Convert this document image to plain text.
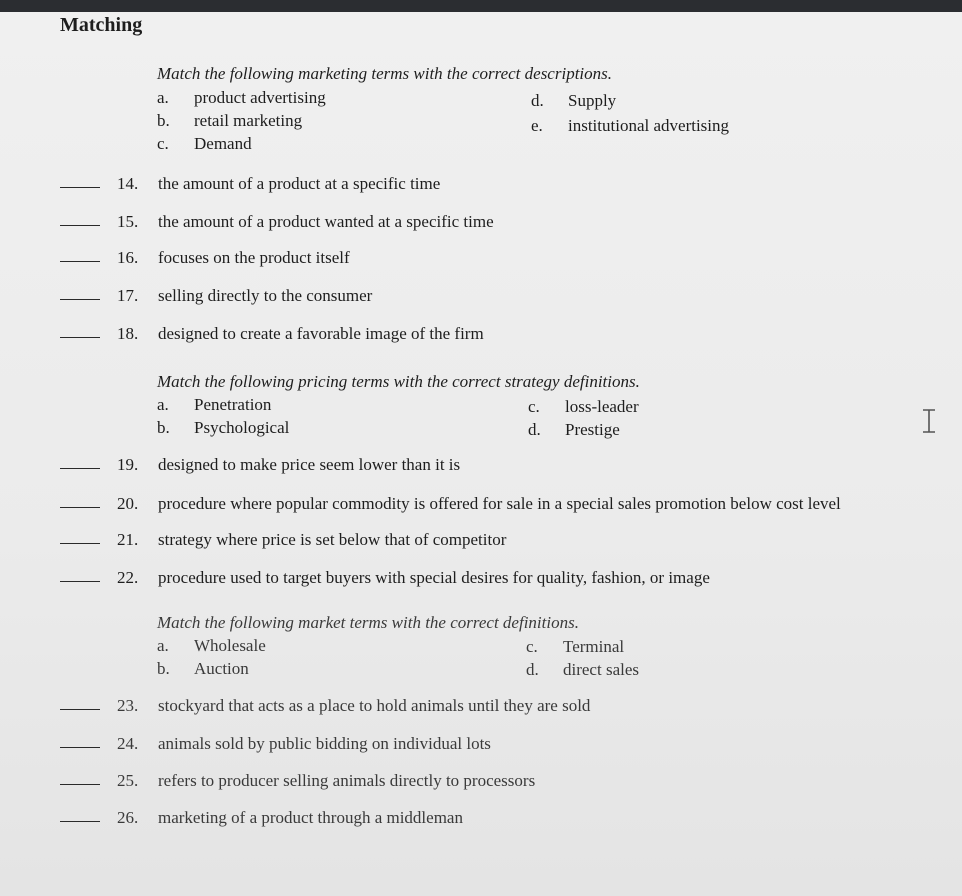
Matching
Match the following marketing terms with the correct descriptions.
a. product advertising
b. retail marketing
c. Demand
d. Supply
e. institutional advertising
14.	the amount of a product at a specific time
15.	the amount of a product wanted at a specific time
16.	focuses on the product itself
17.	selling directly to the consumer
18.	designed to create a favorable image of the firm
Match the following pricing terms with the correct strategy definitions.
a. Penetration
b. Psychological
c. loss-leader
d. Prestige
19.	designed to make price seem lower than it is
20.	procedure where popular commodity is offered for sale in a special sales promotion below cost level
21.	strategy where price is set below that of competitor
22.	procedure used to target buyers with special desires for quality, fashion, or image
Match the following market terms with the correct definitions.
a. Wholesale
b. Auction
c. Terminal
d. direct sales
23.	stockyard that acts as a place to hold animals until they are sold
24.	animals sold by public bidding on individual lots
25.	refers to producer selling animals directly to processors
26.	marketing of a product through a middleman
